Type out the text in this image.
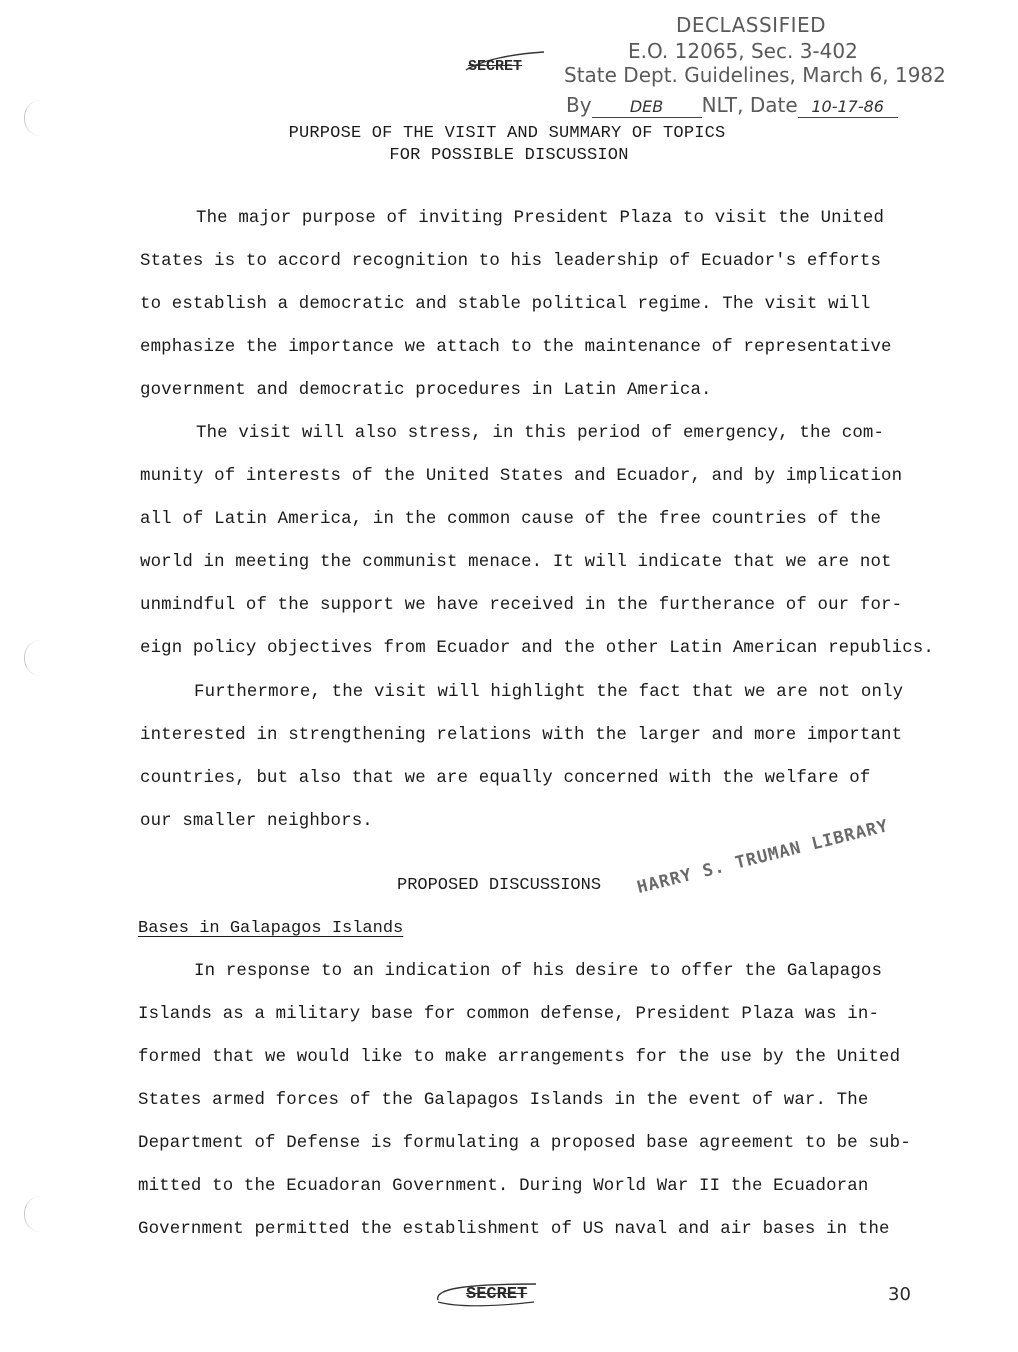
DECLASSIFIED
E.O. 12065, Sec. 3-402
State Dept. Guidelines, March 6, 1982
By DEB NLT, Date 10-17-86
SECRET
PURPOSE OF THE VISIT AND SUMMARY OF TOPICS
FOR POSSIBLE DISCUSSION
The major purpose of inviting President Plaza to visit the United
States is to accord recognition to his leadership of Ecuador's efforts
to establish a democratic and stable political regime. The visit will
emphasize the importance we attach to the maintenance of representative
government and democratic procedures in Latin America.
The visit will also stress, in this period of emergency, the com-
munity of interests of the United States and Ecuador, and by implication
all of Latin America, in the common cause of the free countries of the
world in meeting the communist menace. It will indicate that we are not
unmindful of the support we have received in the furtherance of our for-
eign policy objectives from Ecuador and the other Latin American republics.
Furthermore, the visit will highlight the fact that we are not only
interested in strengthening relations with the larger and more important
countries, but also that we are equally concerned with the welfare of
our smaller neighbors.
PROPOSED DISCUSSIONS HARRY S. TRUMAN LIBRARY
Bases in Galapagos Islands
In response to an indication of his desire to offer the Galapagos
Islands as a military base for common defense, President Plaza was in-
formed that we would like to make arrangements for the use by the United
States armed forces of the Galapagos Islands in the event of war. The
Department of Defense is formulating a proposed base agreement to be sub-
mitted to the Ecuadoran Government. During World War II the Ecuadoran
Government permitted the establishment of US naval and air bases in the
SECRET	30
